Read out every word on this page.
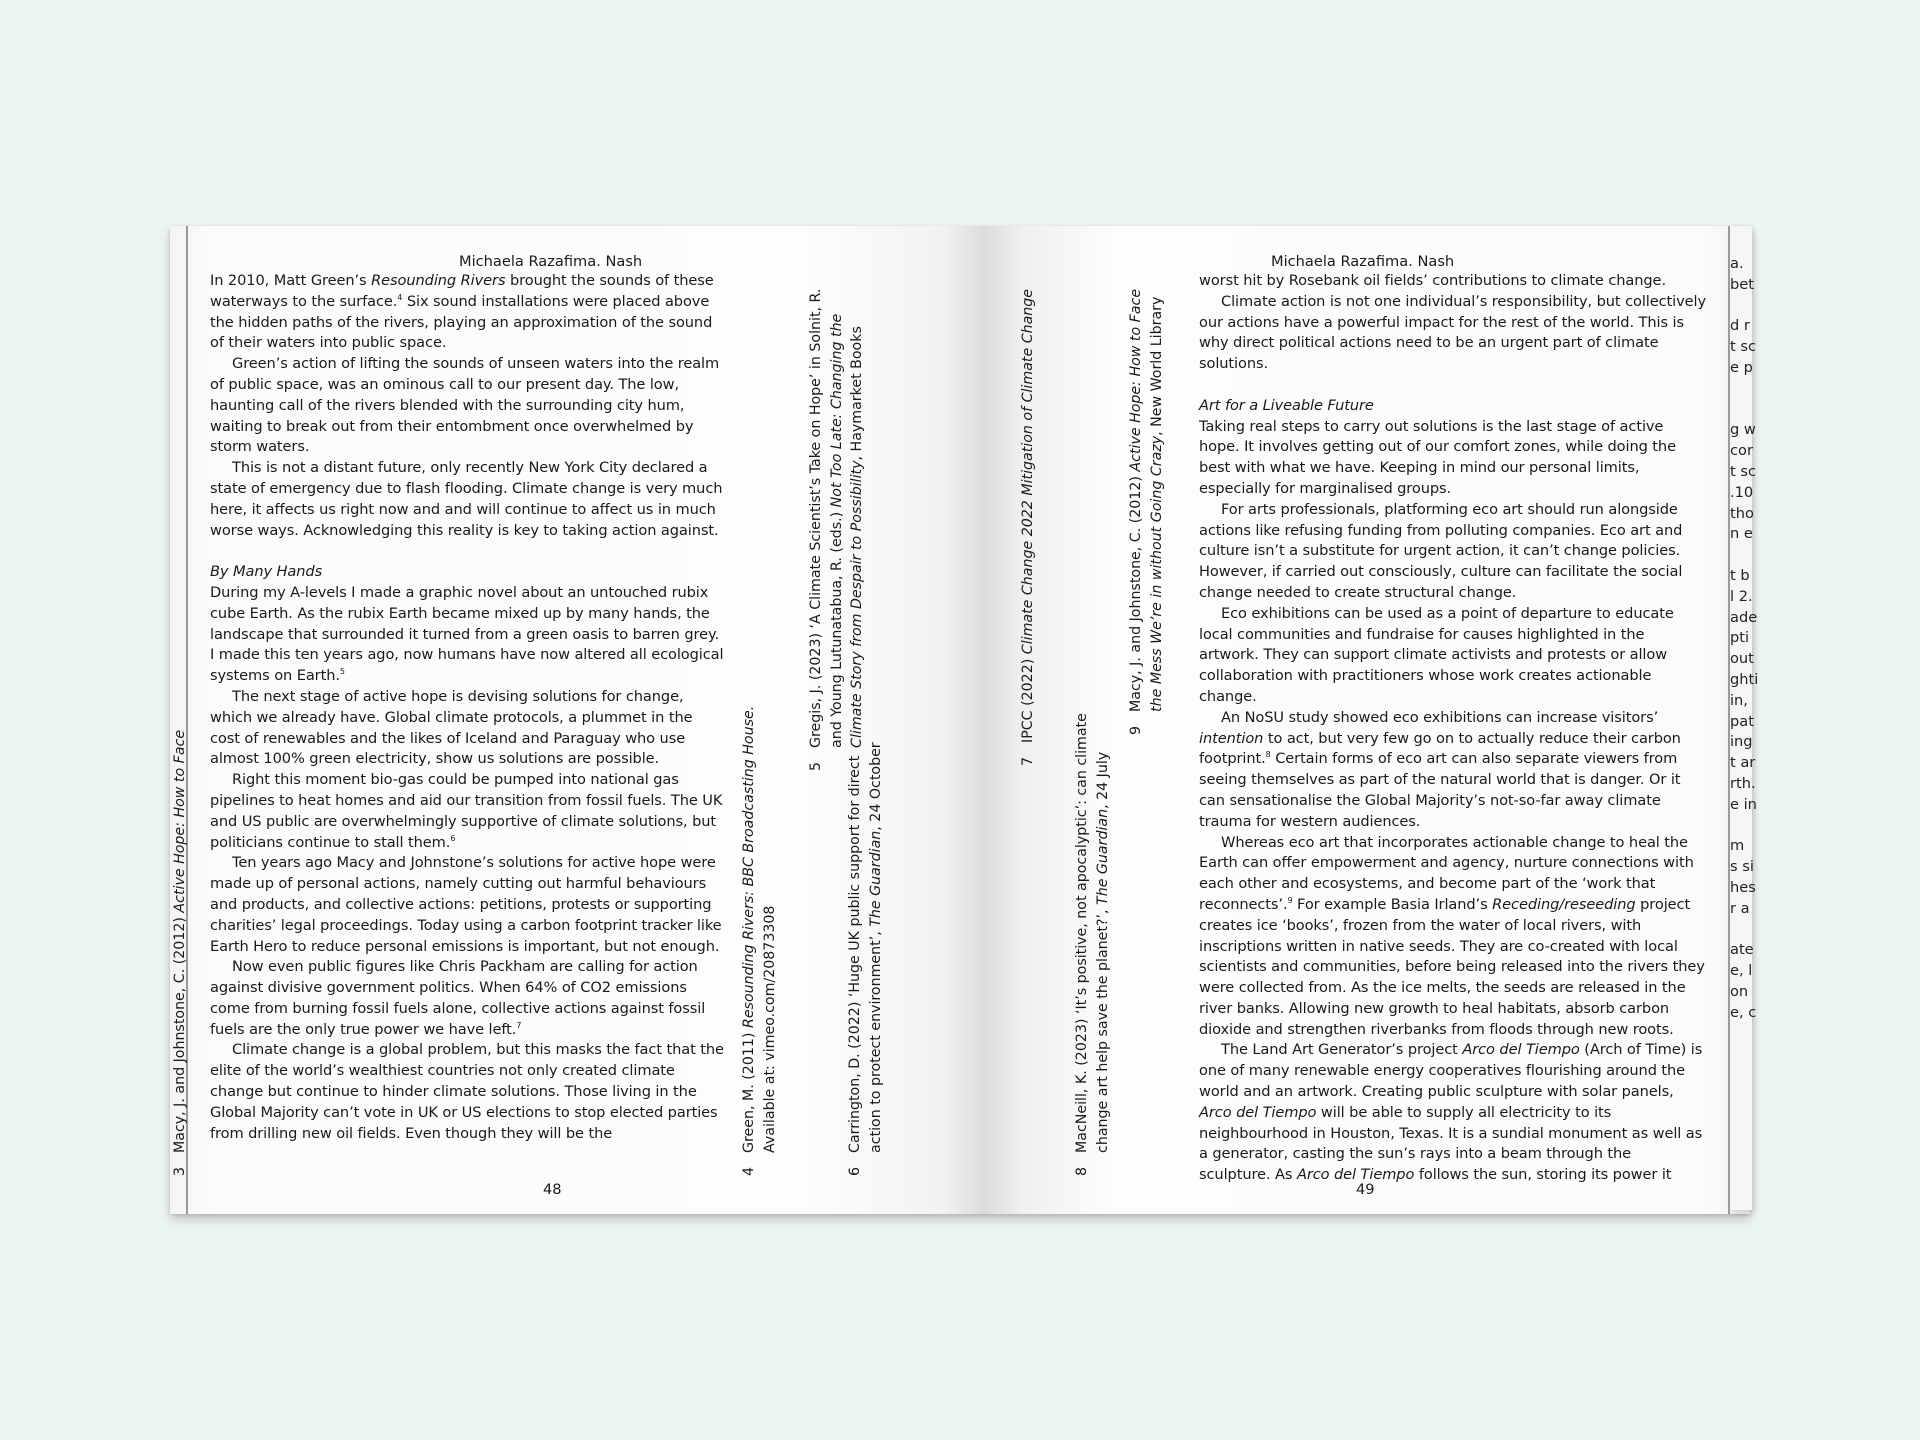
a.
bet
d r
t sc
e p
g w
cor
t sc
.10
tho
n e
t b
l 2.
ade
pti
out
ghti
in,
pat
ing
t ar
rth.
e in
m
s si
hes
r a
ate
e, l
on
e, c
Michaela Razafima. Nash

In 2010, Matt Green’s Resounding Rivers brought the sounds of these waterways to the surface.$^4$ Six sound installations were placed above the hidden paths of the rivers, playing an approximation of the sound of their waters into public space.

Green’s action of lifting the sounds of unseen waters into the realm of public space, was an ominous call to our present day. The low, haunting call of the rivers blended with the surrounding city hum, waiting to break out from their entombment once overwhelmed by storm waters.

This is not a distant future, only recently New York City declared a state of emergency due to flash flooding. Climate change is very much here, it affects us right now and and will continue to affect us in much worse ways. Acknowledging this reality is key to taking action against.

By Many Hands

During my A-levels I made a graphic novel about an untouched rubix cube Earth. As the rubix Earth became mixed up by many hands, the landscape that surrounded it turned from a green oasis to barren grey. I made this ten years ago, now humans have now altered all ecological systems on Earth.$^5$

The next stage of active hope is devising solutions for change, which we already have. Global climate protocols, a plummet in the cost of renewables and the likes of Iceland and Paraguay who use almost 100% green electricity, show us solutions are possible.

Right this moment bio-gas could be pumped into national gas pipelines to heat homes and aid our transition from fossil fuels. The UK and US public are overwhelmingly supportive of climate solutions, but politicians continue to stall them.$^6$

Ten years ago Macy and Johnstone’s solutions for active hope were made up of personal actions, namely cutting out harmful behaviours and products, and collective actions: petitions, protests or supporting charities’ legal proceedings. Today using a carbon footprint tracker like Earth Hero to reduce personal emissions is important, but not enough.

Now even public figures like Chris Packham are calling for action against divisive government politics. When 64% of CO2 emissions come from burning fossil fuels alone, collective actions against fossil fuels are the only true power we have left.$^7$

Climate change is a global problem, but this masks the fact that the elite of the world’s wealthiest countries not only created climate change but continue to hinder climate solutions. Those living in the Global Majority can’t vote in UK or US elections to stop elected parties from drilling new oil fields. Even though they will be the

48
Michaela Razafima. Nash

worst hit by Rosebank oil fields’ contributions to climate change.

Climate action is not one individual’s responsibility, but collectively our actions have a powerful impact for the rest of the world. This is why direct political actions need to be an urgent part of climate solutions.

Art for a Liveable Future

Taking real steps to carry out solutions is the last stage of active hope. It involves getting out of our comfort zones, while doing the best with what we have. Keeping in mind our personal limits, especially for marginalised groups.

For arts professionals, platforming eco art should run alongside actions like refusing funding from polluting companies. Eco art and culture isn’t a substitute for urgent action, it can’t change policies. However, if carried out consciously, culture can facilitate the social change needed to create structural change.

Eco exhibitions can be used as a point of departure to educate local communities and fundraise for causes highlighted in the artwork. They can support climate activists and protests or allow collaboration with practitioners whose work creates actionable change.

An NoSU study showed eco exhibitions can increase visitors’ intention to act, but very few go on to actually reduce their carbon footprint.$^8$ Certain forms of eco art can also separate viewers from seeing themselves as part of the natural world that is danger. Or it can sensationalise the Global Majority’s not-so-far away climate trauma for western audiences.

Whereas eco art that incorporates actionable change to heal the Earth can offer empowerment and agency, nurture connections with each other and ecosystems, and become part of the ‘work that reconnects’.$^9$ For example Basia Irland’s Receding/reseeding project creates ice ‘books’, frozen from the water of local rivers, with inscriptions written in native seeds. They are co-created with local scientists and communities, before being released into the rivers they were collected from. As the ice melts, the seeds are released in the river banks. Allowing new growth to heal habitats, absorb carbon dioxide and strengthen riverbanks from floods through new roots.

The Land Art Generator’s project Arco del Tiempo (Arch of Time) is one of many renewable energy cooperatives flourishing around the world and an artwork. Creating public sculpture with solar panels, Arco del Tiempo will be able to supply all electricity to its neighbourhood in Houston, Texas. It is a sundial monument as well as a generator, casting the sun’s rays into a beam through the sculpture. As Arco del Tiempo follows the sun, storing its power it

49
3
Macy, J. and Johnstone, C. (2012) Active Hope: How to Face
4
Green, M. (2011) Resounding Rivers: BBC Broadcasting House.
Available at: vimeo.com/20873308
5
Gregis, J. (2023) ‘A Climate Scientist’s Take on Hope’ in Solnit, R. and Young Lutunatabua, R. (eds.) Not Too Late: Changing the
Climate Story from Despair to Possibility, Haymarket Books
6
Carrington, D. (2022) ‘Huge UK public support for direct action to protect environment’, The Guardian, 24 October	7
IPCC (2022) Climate Change 2022 Mitigation of Climate Change
8
MacNeill, K. (2023) ‘It’s positive, not apocalyptic’: can climate change art help save the planet?’, The Guardian, 24 July
9
Macy, J. and Johnstone, C. (2012) Active Hope: How to Face
the Mess We’re in without Going Crazy, New World Library
